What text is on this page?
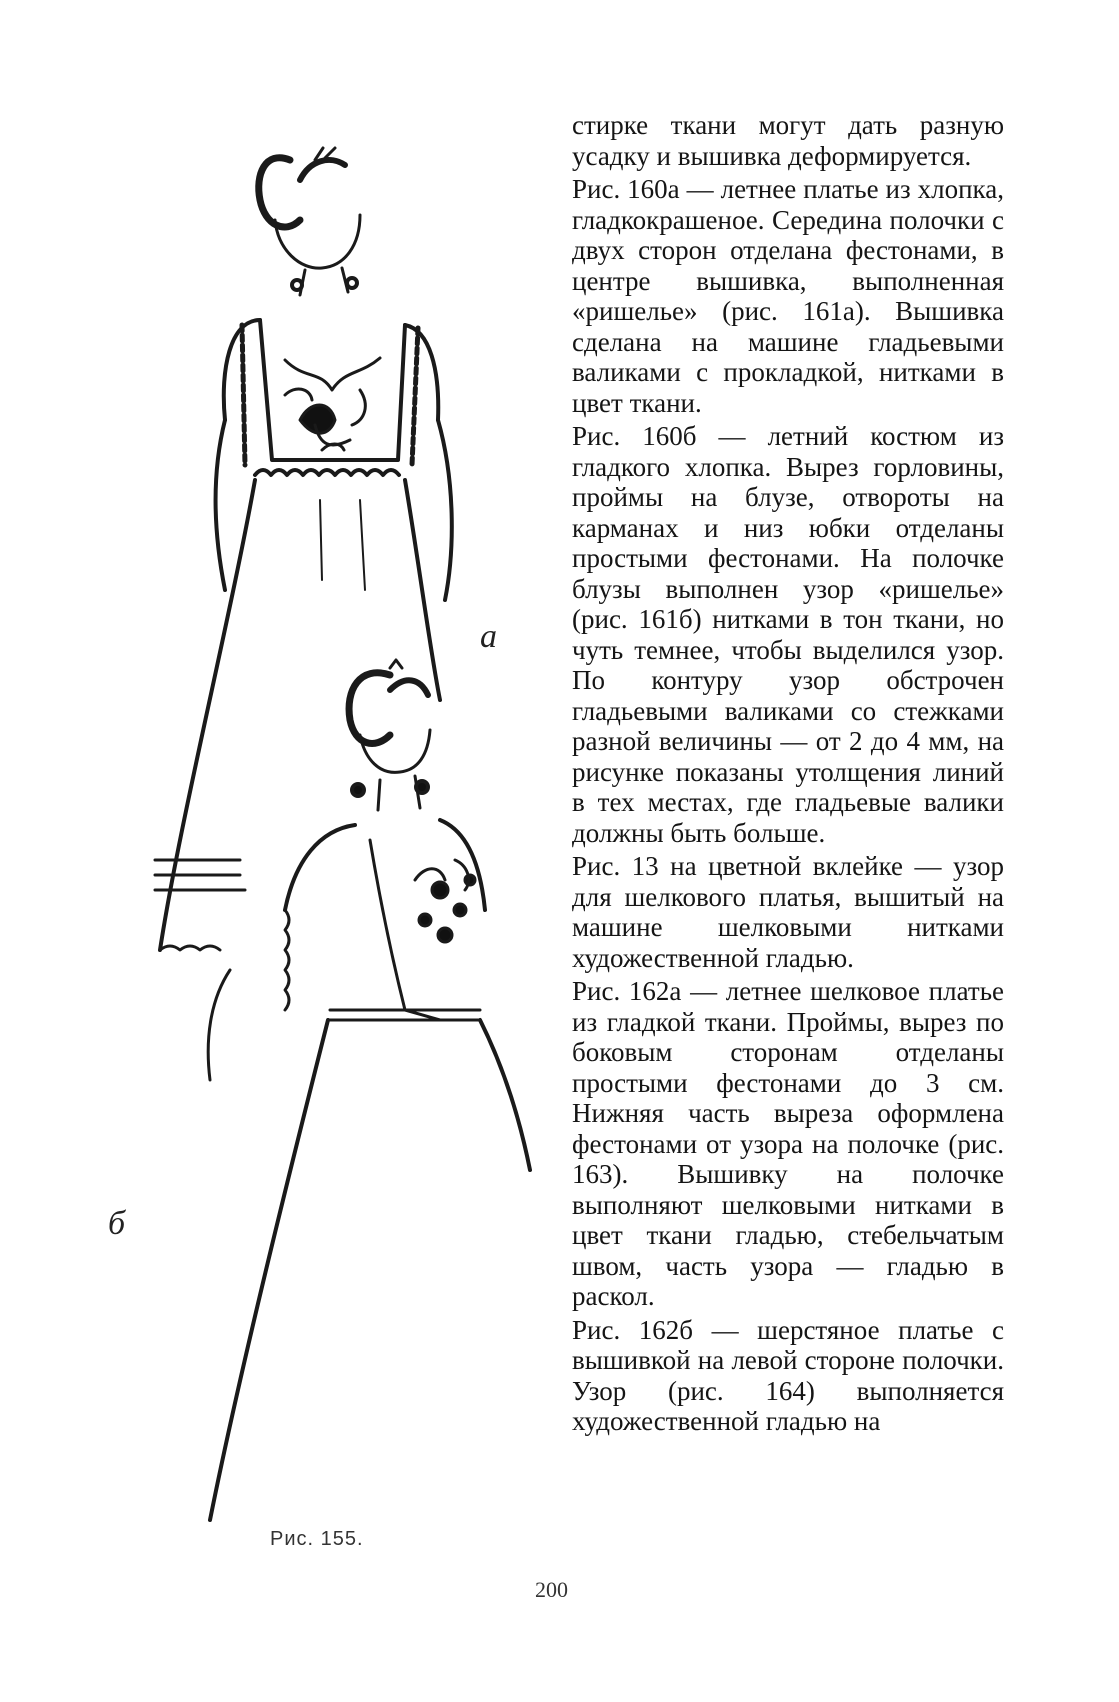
а
б
Рис. 155.

стирке ткани могут дать разную усадку и вышивка деформируется.

Рис. 160а — летнее платье из хлопка, гладкокрашеное. Середина полочки с двух сторон отделана фестонами, в центре вышивка, выполненная «ришелье» (рис. 161а). Вышивка сделана на машине гладьевыми валиками с прокладкой, нитками в цвет ткани.

Рис. 160б — летний костюм из гладкого хлопка. Вырез горловины, проймы на блузе, отвороты на карманах и низ юбки отделаны простыми фестонами. На полочке блузы выполнен узор «ришелье» (рис. 161б) нитками в тон ткани, но чуть темнее, чтобы выделился узор. По контуру узор обстрочен гладьевыми валиками со стежками разной величины — от 2 до 4 мм, на рисунке показаны утолщения линий в тех местах, где гладьевые валики должны быть больше.

Рис. 13 на цветной вклейке — узор для шелкового платья, вышитый на машине шелковыми нитками художественной гладью.

Рис. 162а — летнее шелковое платье из гладкой ткани. Проймы, вырез по боковым сторонам отделаны простыми фестонами до 3 см. Нижняя часть выреза оформлена фестонами от узора на полочке (рис. 163). Вышивку на полочке выполняют шелковыми нитками в цвет ткани гладью, стебельчатым швом, часть узора — гладью в раскол.

Рис. 162б — шерстяное платье с вышивкой на левой стороне полочки. Узор (рис. 164) выполняется художественной гладью на

200
